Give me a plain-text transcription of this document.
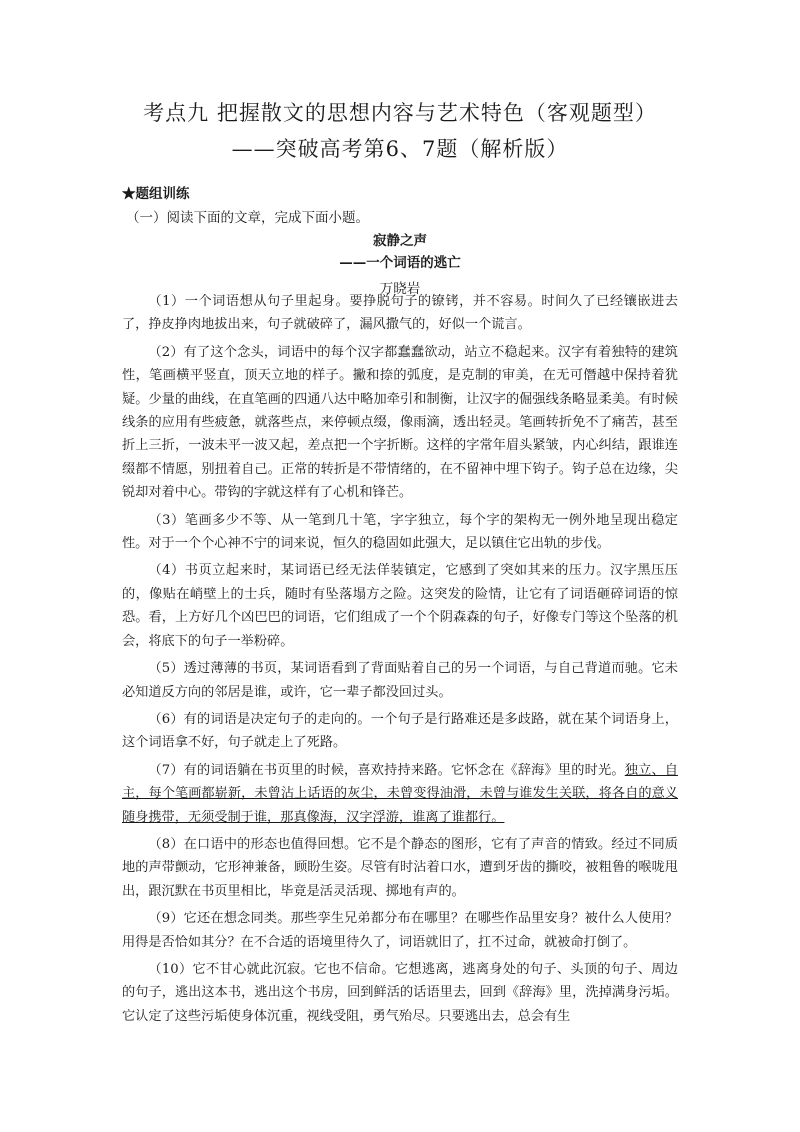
考点九 把握散文的思想内容与艺术特色（客观题型）
——突破高考第6、7题（解析版）
★题组训练
（一）阅读下面的文章，完成下面小题。
寂静之声
——一个词语的逃亡
万晓岩

（1）一个词语想从句子里起身。要挣脱句子的镣铐，并不容易。时间久了已经镶嵌进去了，挣皮挣肉地拔出来，句子就破碎了，漏风撒气的，好似一个谎言。

（2）有了这个念头，词语中的每个汉字都蠢蠢欲动，站立不稳起来。汉字有着独特的建筑性，笔画横平竖直，顶天立地的样子。撇和捺的弧度，是克制的审美，在无可僭越中保持着犹疑。少量的曲线，在直笔画的四通八达中略加牵引和制衡，让汉字的倔强线条略显柔美。有时候线条的应用有些疲惫，就落些点，来停顿点缀，像雨滴，透出轻灵。笔画转折免不了痛苦，甚至折上三折，一波未平一波又起，差点把一个字折断。这样的字常年眉头紧皱，内心纠结，跟谁连缀都不情愿，别扭着自己。正常的转折是不带情绪的，在不留神中埋下钩子。钩子总在边缘，尖锐却对着中心。带钩的字就这样有了心机和锋芒。

（3）笔画多少不等、从一笔到几十笔，字字独立，每个字的架构无一例外地呈现出稳定性。对于一个个心神不宁的词来说，恒久的稳固如此强大，足以镇住它出轨的步伐。

（4）书页立起来时，某词语已经无法佯装镇定，它感到了突如其来的压力。汉字黑压压的，像贴在峭壁上的士兵，随时有坠落塌方之险。这突发的险情，让它有了词语砸碎词语的惊恐。看，上方好几个凶巴巴的词语，它们组成了一个个阴森森的句子，好像专门等这个坠落的机会，将底下的句子一举粉碎。

（5）透过薄薄的书页，某词语看到了背面贴着自己的另一个词语，与自己背道而驰。它未必知道反方向的邻居是谁，或许，它一辈子都没回过头。

（6）有的词语是决定句子的走向的。一个句子是行路难还是多歧路，就在某个词语身上，这个词语拿不好，句子就走上了死路。

（7）有的词语躺在书页里的时候，喜欢持持来路。它怀念在《辞海》里的时光。独立、自主，每个笔画都崭新，未曾沾上话语的灰尘，未曾变得油滑，未曾与谁发生关联，将各自的意义随身携带，无须受制于谁，那真像海，汉字浮游，谁离了谁都行。

（8）在口语中的形态也值得回想。它不是个静态的图形，它有了声音的情致。经过不同质地的声带颤动，它形神兼备，顾盼生姿。尽管有时沾着口水，遭到牙齿的撕咬，被粗鲁的喉咙甩出，跟沉默在书页里相比，毕竟是活灵活现、掷地有声的。

（9）它还在想念同类。那些孪生兄弟都分布在哪里？在哪些作品里安身？被什么人使用？用得是否恰如其分？在不合适的语境里待久了，词语就旧了，扛不过命，就被命打倒了。

（10）它不甘心就此沉寂。它也不信命。它想逃离，逃离身处的句子、头顶的句子、周边的句子，逃出这本书，逃出这个书房，回到鲜活的话语里去，回到《辞海》里，洗掉满身污垢。它认定了这些污垢使身体沉重，视线受阻，勇气殆尽。只要逃出去，总会有生
